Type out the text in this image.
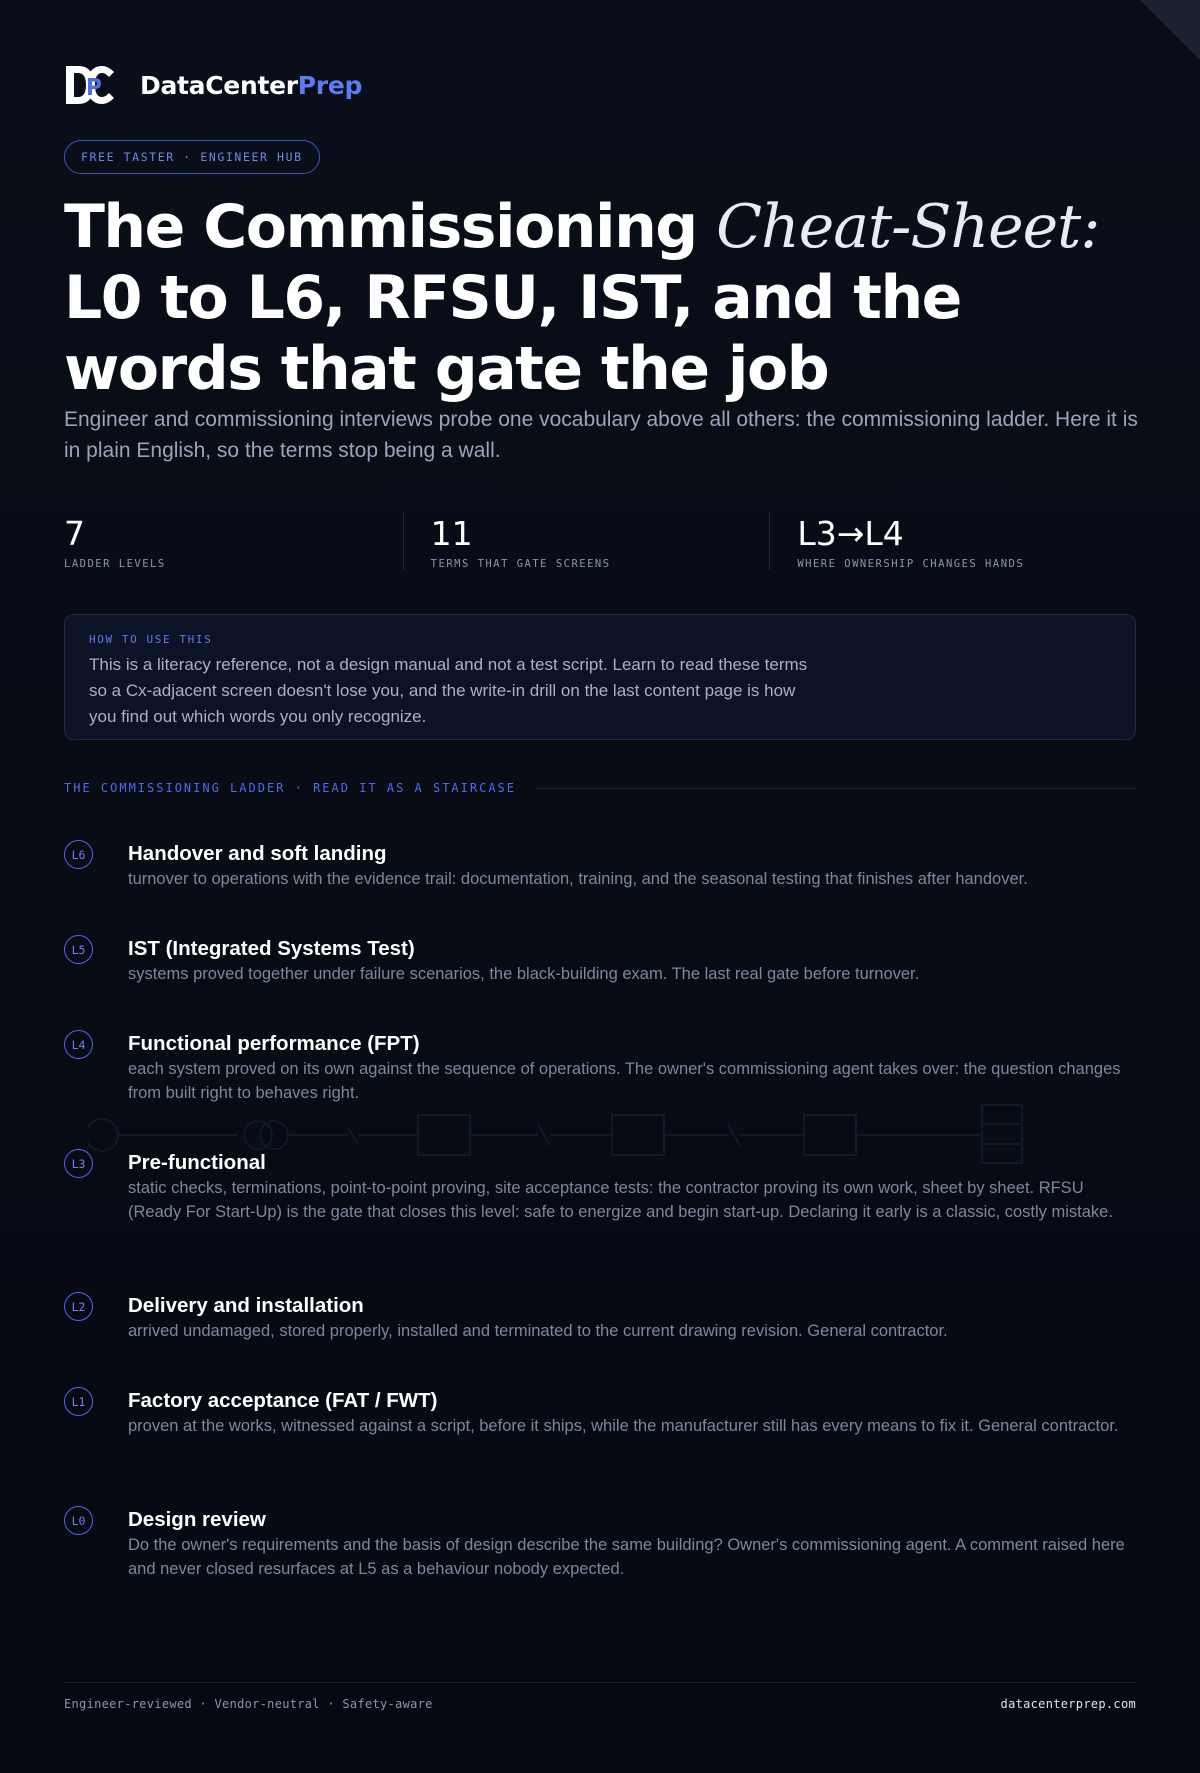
DataCenterPrep
FREE TASTER · ENGINEER HUB
The Commissioning Cheat-Sheet: L0 to L6, RFSU, IST, and the words that gate the job

Engineer and commissioning interviews probe one vocabulary above all others: the commissioning ladder. Here it is in plain English, so the terms stop being a wall.

7
LADDER LEVELS
11
TERMS THAT GATE SCREENS
L3→L4
WHERE OWNERSHIP CHANGES HANDS
HOW TO USE THIS

This is a literacy reference, not a design manual and not a test script. Learn to read these terms so a Cx-adjacent screen doesn't lose you, and the write-in drill on the last content page is how you find out which words you only recognize.

THE COMMISSIONING LADDER · READ IT AS A STAIRCASE
L6	Handover and soft landing
turnover to operations with the evidence trail: documentation, training, and the seasonal testing that finishes after handover.
L5	IST (Integrated Systems Test)
systems proved together under failure scenarios, the black-building exam. The last real gate before turnover.
L4	Functional performance (FPT)
each system proved on its own against the sequence of operations. The owner's commissioning agent takes over: the question changes from built right to behaves right.
L3	Pre-functional
static checks, terminations, point-to-point proving, site acceptance tests: the contractor proving its own work, sheet by sheet. RFSU (Ready For Start-Up) is the gate that closes this level: safe to energize and begin start-up. Declaring it early is a classic, costly mistake.
L2	Delivery and installation
arrived undamaged, stored properly, installed and terminated to the current drawing revision. General contractor.
L1	Factory acceptance (FAT / FWT)
proven at the works, witnessed against a script, before it ships, while the manufacturer still has every means to fix it. General contractor.
L0	Design review
Do the owner's requirements and the basis of design describe the same building? Owner's commissioning agent. A comment raised here and never closed resurfaces at L5 as a behaviour nobody expected.
Engineer-reviewed · Vendor-neutral · Safety-aware	datacenterprep.com
